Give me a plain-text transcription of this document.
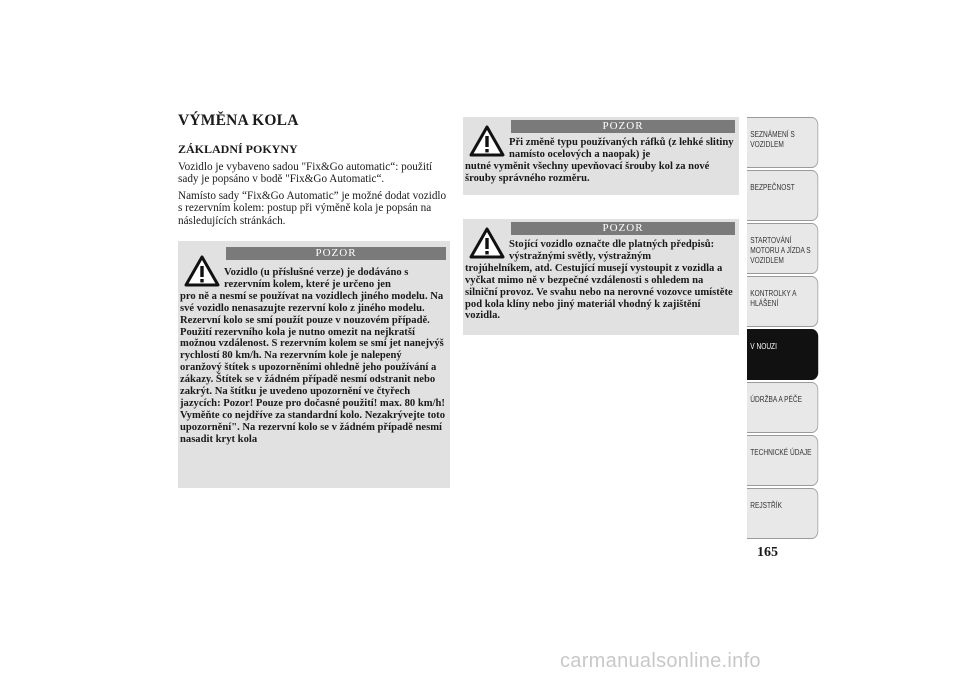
VÝMĚNA KOLA
ZÁKLADNÍ POKYNY

Vozidlo je vybaveno sadou "Fix&Go automatic“: použití sady je popsáno v bodě "Fix&Go Automatic“.

Namísto sady “Fix&Go Automatic” je možné dodat vozidlo s rezervním kolem: postup při výměně kola je popsán na následujících stránkách.

POZOR
Vozidlo (u příslušné verze) je dodáváno s rezervním kolem, které je určeno jen
pro ně a nesmí se používat na vozidlech jiného modelu. Na své vozidlo nenasazujte rezervní kolo z jiného modelu. Rezervní kolo se smí použít pouze v nouzovém případě. Použití rezervního kola je nutno omezit na nejkratší možnou vzdálenost. S rezervním kolem se smí jet nanejvýš rychlostí 80 km/h. Na rezervním kole je nalepený oranžový štítek s upozorněními ohledně jeho používání a zákazy. Štítek se v žádném případě nesmí odstranit nebo zakrýt. Na štítku je uvedeno upozornění ve čtyřech jazycích: Pozor! Pouze pro dočasné použití! max. 80 km/h! Vyměňte co nejdříve za standardní kolo. Nezakrývejte toto upozornění". Na rezervní kolo se v žádném případě nesmí nasadit kryt kola
POZOR
Při změně typu používaných ráfků (z lehké slitiny namísto ocelových a naopak) je
nutné vyměnit všechny upevňovací šrouby kol za nové šrouby správného rozměru.
POZOR
Stojící vozidlo označte dle platných předpisů: výstražnými světly, výstražným
trojúhelníkem, atd. Cestující musejí vystoupit z vozidla a vyčkat mimo ně v bezpečné vzdálenosti s ohledem na silniční provoz. Ve svahu nebo na nerovné vozovce umístěte pod kola klíny nebo jiný materiál vhodný k zajištění vozidla.
SEZNÁMENÍ S VOZIDLEM
BEZPEČNOST
STARTOVÁNÍ MOTORU A JÍZDA S VOZIDLEM
KONTROLKY A HLÁŠENÍ
V NOUZI
ÚDRŽBA A PÉČE
TECHNICKÉ ÚDAJE
REJSTŘÍK
165
carmanualsonline.info
